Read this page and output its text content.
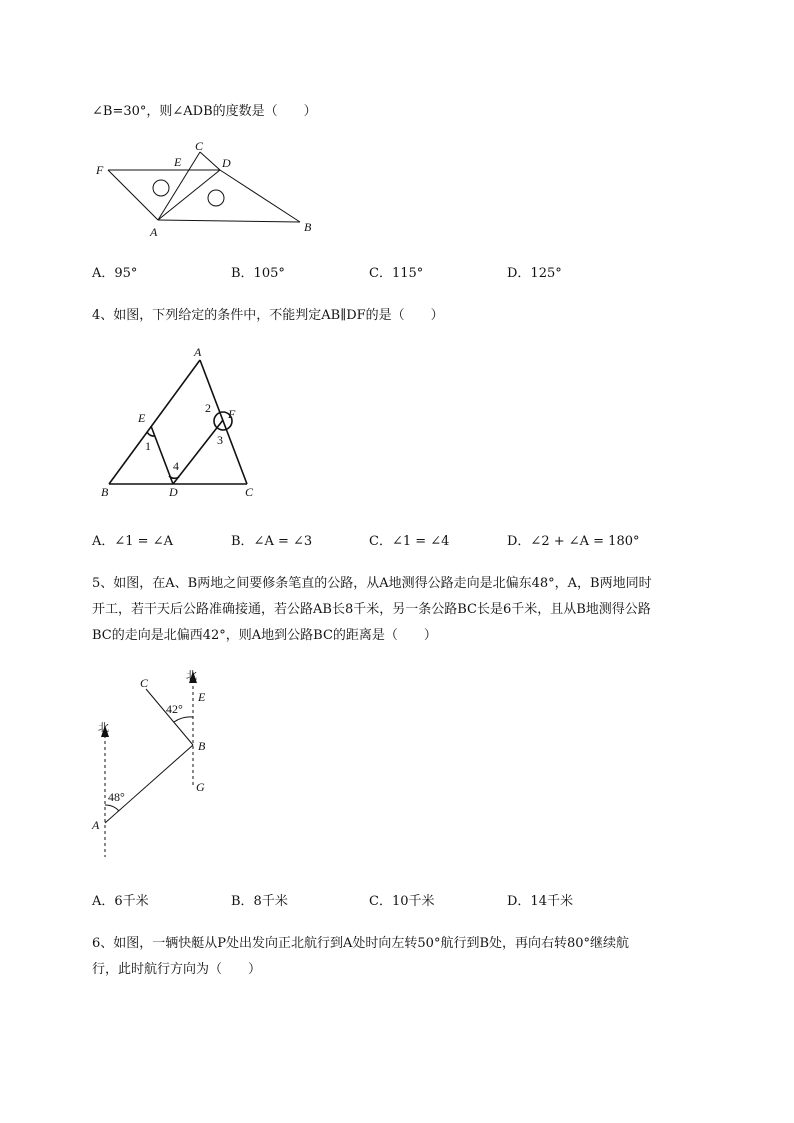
∠B=30°，则∠ADB的度数是（　　）
F
E
C
D
A	B
A．95°	B．105°	C．115°	D．125°
4、如图，下列给定的条件中，不能判定AB∥DF的是（　　）
A
B	C
D
E	F
1
2
3
4
A．∠1 = ∠A	B．∠A = ∠3	C．∠1 = ∠4	D．∠2 + ∠A = 180°
5、如图，在A、B两地之间要修条笔直的公路，从A地测得公路走向是北偏东48°，A，B两地同时
开工，若干天后公路准确接通，若公路AB长8千米，另一条公路BC长是6千米，且从B地测得公路
BC的走向是北偏西42°，则A地到公路BC的距离是（　　）
C
北
E
42°
北
B
G
48°
A
A．6千米	B．8千米	C．10千米	D．14千米
6、如图，一辆快艇从P处出发向正北航行到A处时向左转50°航行到B处，再向右转80°继续航
行，此时航行方向为（　　）
